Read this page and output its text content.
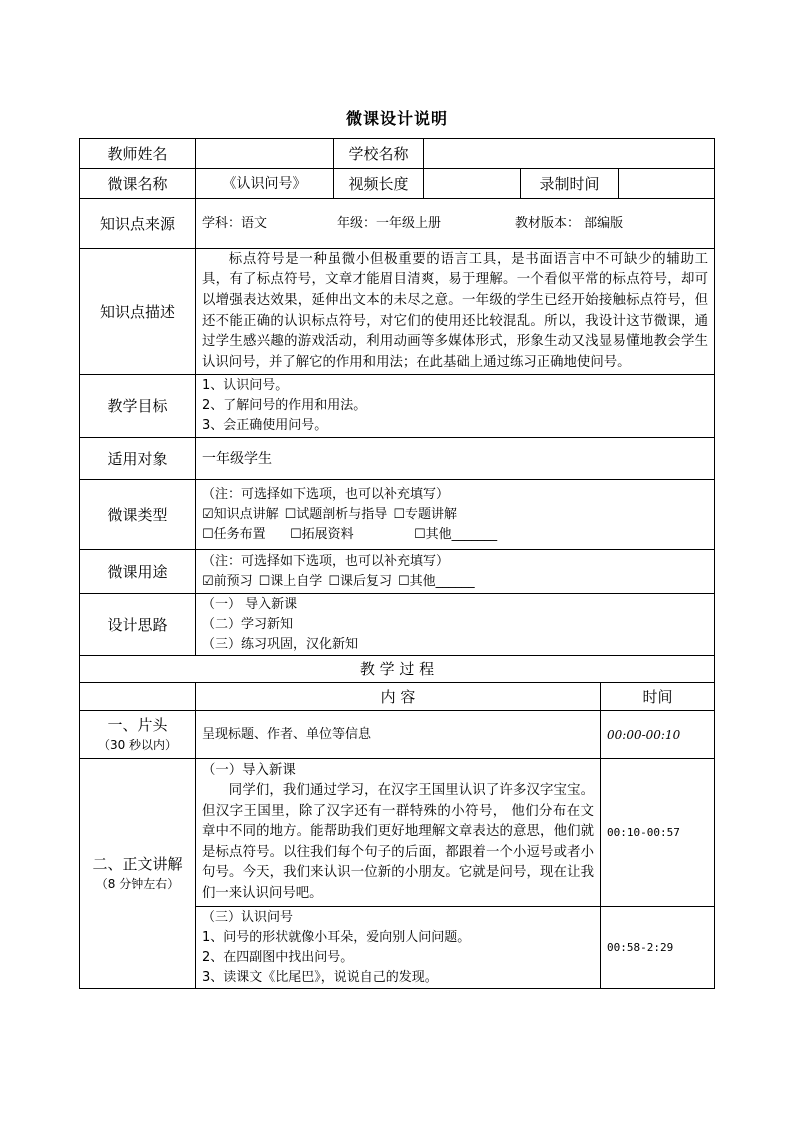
微课设计说明
教师姓名		学校名称			
微课名称	《认识问号》	视频长度		录制时间	
知识点来源	学科：语文 年级：一年级上册 教材版本： 部编版	
知识点描述	标点符号是一种虽微小但极重要的语言工具，是书面语言中不可缺少的辅助工具，有了标点符号，文章才能眉目清爽，易于理解。一个看似平常的标点符号，却可以增强表达效果，延伸出文本的未尽之意。一年级的学生已经开始接触标点符号，但还不能正确的认识标点符号，对它们的使用还比较混乱。所以，我设计这节微课，通过学生感兴趣的游戏活动，利用动画等多媒体形式，形象生动又浅显易懂地教会学生认识问号，并了解它的作用和用法；在此基础上通过练习正确地使问号。	
教学目标	1、认识问号。
2、了解问号的作用和用法。
3、会正确使用问号。	

适用对象	一年级学生	
微课类型	（注：可选择如下选项，也可以补充填写）
☑知识点讲解 ☐试题剖析与指导 ☐专题讲解
☐任务布置 ☐拓展资料 ☐其他_______	

微课用途	（注：可选择如下选项，也可以补充填写）
☑前预习 ☐课上自学 ☐课后复习 ☐其他______	

设计思路	（一） 导入新课
（二）学习新知
（三）练习巩固，汉化新知	

教 学 过 程		
	内 容	时间

一、片头
（30 秒以内）	呈现标题、作者、单位等信息	00:00-00:10

二、正文讲解
（8 分钟左右）	（一）导入新课
同学们，我们通过学习，在汉字王国里认识了许多汉字宝宝。但汉字王国里，除了汉字还有一群特殊的小符号， 他们分布在文章中不同的地方。能帮助我们更好地理解文章表达的意思，他们就是标点符号。以往我们每个句子的后面，都跟着一个小逗号或者小句号。今天，我们来认识一位新的小朋友。它就是问号，现在让我们一来认识问号吧。	00:10-00:57

	（三）认识问号
1、问号的形状就像小耳朵，爱向别人问问题。
2、在四副图中找出问号。
3、读课文《比尾巴》，说说自己的发现。	00:58-2:29
